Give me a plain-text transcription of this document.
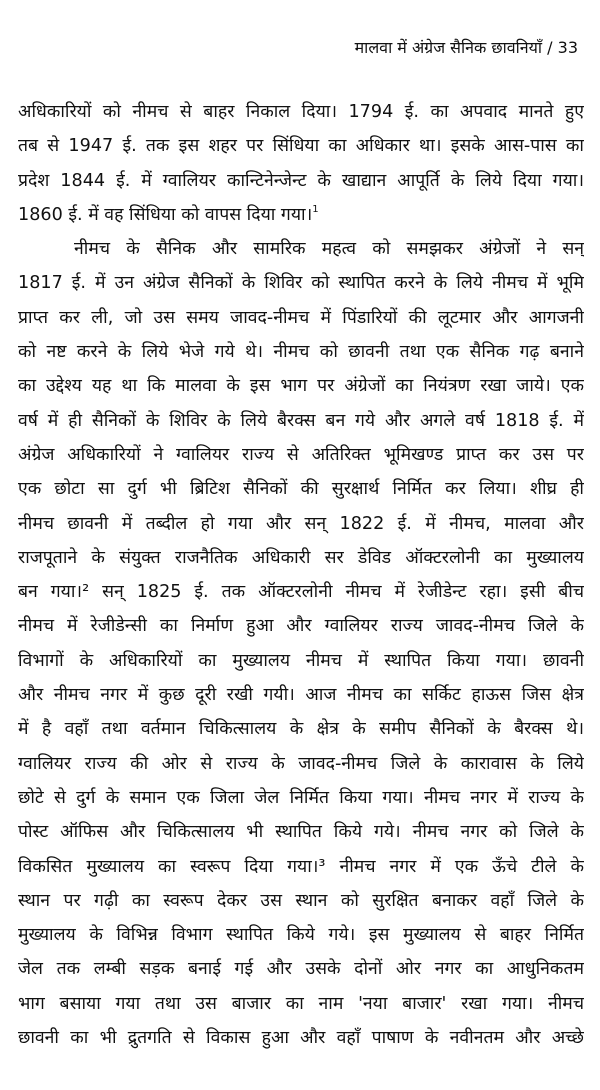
मालवा में अंग्रेज सैनिक छावनियाँ / 33
अधिकारियों को नीमच से बाहर निकाल दिया। 1794 ई. का अपवाद मानते हुए
तब से 1947 ई. तक इस शहर पर सिंधिया का अधिकार था। इसके आस-पास का
प्रदेश 1844 ई. में ग्वालियर कान्टिनेन्जेन्ट के खाद्यान आपूर्ति के लिये दिया गया।
1860 ई. में वह सिंधिया को वापस दिया गया।$^1$
नीमच के सैनिक और सामरिक महत्व को समझकर अंग्रेजों ने सन्
1817 ई. में उन अंग्रेज सैनिकों के शिविर को स्थापित करने के लिये नीमच में भूमि
प्राप्त कर ली, जो उस समय जावद-नीमच में पिंडारियों की लूटमार और आगजनी
को नष्ट करने के लिये भेजे गये थे। नीमच को छावनी तथा एक सैनिक गढ़ बनाने
का उद्देश्य यह था कि मालवा के इस भाग पर अंग्रेजों का नियंत्रण रखा जाये। एक
वर्ष में ही सैनिकों के शिविर के लिये बैरक्स बन गये और अगले वर्ष 1818 ई. में
अंग्रेज अधिकारियों ने ग्वालियर राज्य से अतिरिक्त भूमिखण्ड प्राप्त कर उस पर
एक छोटा सा दुर्ग भी ब्रिटिश सैनिकों की सुरक्षार्थ निर्मित कर लिया। शीघ्र ही
नीमच छावनी में तब्दील हो गया और सन् 1822 ई. में नीमच, मालवा और
राजपूताने के संयुक्त राजनैतिक अधिकारी सर डेविड ऑक्टरलोनी का मुख्यालय
बन गया।² सन् 1825 ई. तक ऑक्टरलोनी नीमच में रेजीडेन्ट रहा। इसी बीच
नीमच में रेजीडेन्सी का निर्माण हुआ और ग्वालियर राज्य जावद-नीमच जिले के
विभागों के अधिकारियों का मुख्यालय नीमच में स्थापित किया गया। छावनी
और नीमच नगर में कुछ दूरी रखी गयी। आज नीमच का सर्किट हाऊस जिस क्षेत्र
में है वहाँ तथा वर्तमान चिकित्सालय के क्षेत्र के समीप सैनिकों के बैरक्स थे।
ग्वालियर राज्य की ओर से राज्य के जावद-नीमच जिले के कारावास के लिये
छोटे से दुर्ग के समान एक जिला जेल निर्मित किया गया। नीमच नगर में राज्य के
पोस्ट ऑफिस और चिकित्सालय भी स्थापित किये गये। नीमच नगर को जिले के
विकसित मुख्यालय का स्वरूप दिया गया।³ नीमच नगर में एक ऊँचे टीले के
स्थान पर गढ़ी का स्वरूप देकर उस स्थान को सुरक्षित बनाकर वहाँ जिले के
मुख्यालय के विभिन्न विभाग स्थापित किये गये। इस मुख्यालय से बाहर निर्मित
जेल तक लम्बी सड़क बनाई गई और उसके दोनों ओर नगर का आधुनिकतम
भाग बसाया गया तथा उस बाजार का नाम 'नया बाजार' रखा गया। नीमच
छावनी का भी द्रुतगति से विकास हुआ और वहाँ पाषाण के नवीनतम और अच्छे
